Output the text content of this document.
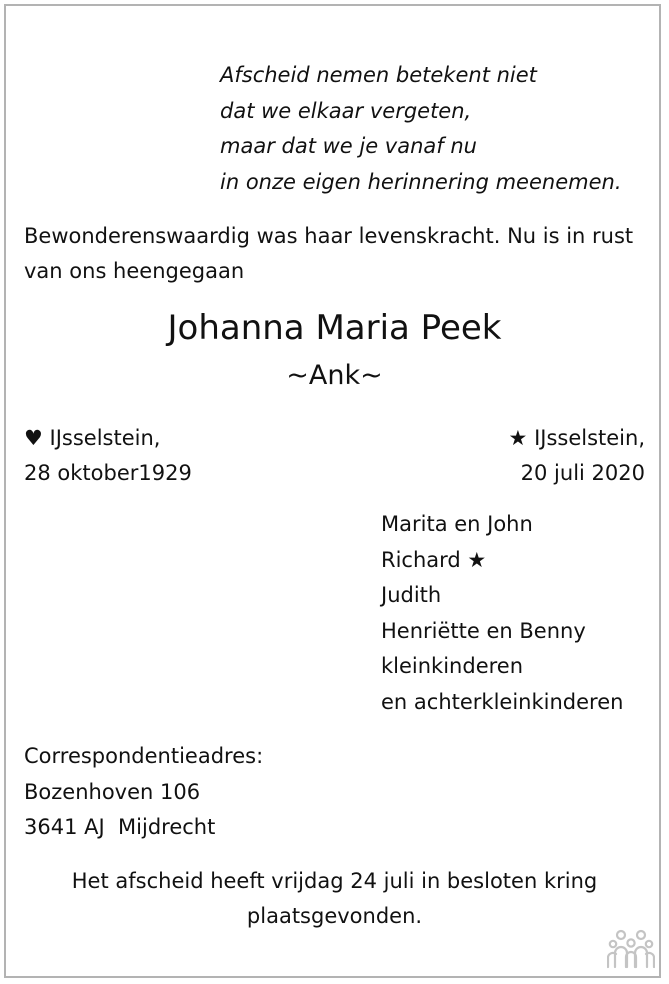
Afscheid nemen betekent niet
dat we elkaar vergeten,
maar dat we je vanaf nu
in onze eigen herinnering meenemen.
Bewonderenswaardig was haar levenskracht. Nu is in rust van ons heengegaan
Johanna Maria Peek
~Ank~
♥ IJsselstein,
28 oktober1929
★ IJsselstein,
20 juli 2020
Marita en John
Richard ★
Judith
Henriëtte en Benny
kleinkinderen
en achterkleinkinderen
Correspondentieadres:
Bozenhoven 106
3641 AJ  Mijdrecht
Het afscheid heeft vrijdag 24 juli in besloten kring plaatsgevonden.
